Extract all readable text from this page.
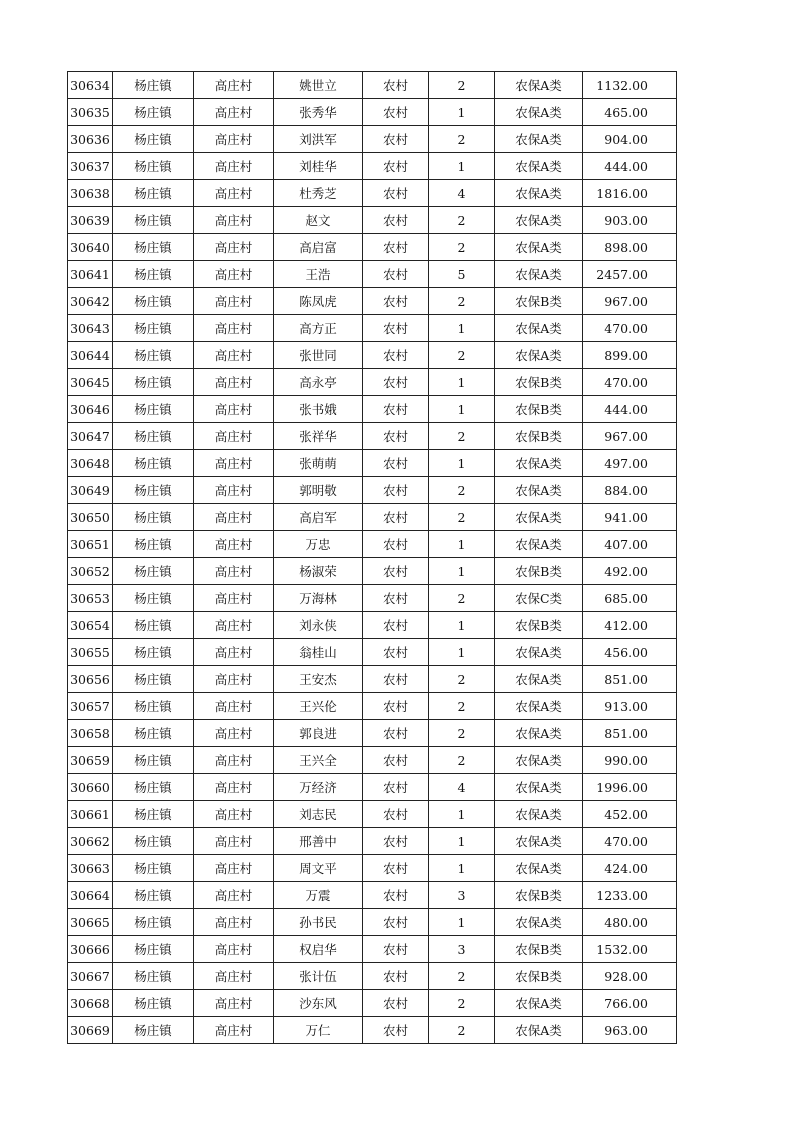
30634	杨庄镇	高庄村	姚世立	农村	2	农保A类	1132.00
30635	杨庄镇	高庄村	张秀华	农村	1	农保A类	465.00
30636	杨庄镇	高庄村	刘洪军	农村	2	农保A类	904.00
30637	杨庄镇	高庄村	刘桂华	农村	1	农保A类	444.00
30638	杨庄镇	高庄村	杜秀芝	农村	4	农保A类	1816.00
30639	杨庄镇	高庄村	赵文	农村	2	农保A类	903.00
30640	杨庄镇	高庄村	高启富	农村	2	农保A类	898.00
30641	杨庄镇	高庄村	王浩	农村	5	农保A类	2457.00
30642	杨庄镇	高庄村	陈凤虎	农村	2	农保B类	967.00
30643	杨庄镇	高庄村	高方正	农村	1	农保A类	470.00
30644	杨庄镇	高庄村	张世同	农村	2	农保A类	899.00
30645	杨庄镇	高庄村	高永亭	农村	1	农保B类	470.00
30646	杨庄镇	高庄村	张书娥	农村	1	农保B类	444.00
30647	杨庄镇	高庄村	张祥华	农村	2	农保B类	967.00
30648	杨庄镇	高庄村	张萌萌	农村	1	农保A类	497.00
30649	杨庄镇	高庄村	郭明敬	农村	2	农保A类	884.00
30650	杨庄镇	高庄村	高启军	农村	2	农保A类	941.00
30651	杨庄镇	高庄村	万忠	农村	1	农保A类	407.00
30652	杨庄镇	高庄村	杨淑荣	农村	1	农保B类	492.00
30653	杨庄镇	高庄村	万海林	农村	2	农保C类	685.00
30654	杨庄镇	高庄村	刘永侠	农村	1	农保B类	412.00
30655	杨庄镇	高庄村	翁桂山	农村	1	农保A类	456.00
30656	杨庄镇	高庄村	王安杰	农村	2	农保A类	851.00
30657	杨庄镇	高庄村	王兴伦	农村	2	农保A类	913.00
30658	杨庄镇	高庄村	郭良进	农村	2	农保A类	851.00
30659	杨庄镇	高庄村	王兴全	农村	2	农保A类	990.00
30660	杨庄镇	高庄村	万经济	农村	4	农保A类	1996.00
30661	杨庄镇	高庄村	刘志民	农村	1	农保A类	452.00
30662	杨庄镇	高庄村	邢善中	农村	1	农保A类	470.00
30663	杨庄镇	高庄村	周文平	农村	1	农保A类	424.00
30664	杨庄镇	高庄村	万震	农村	3	农保B类	1233.00
30665	杨庄镇	高庄村	孙书民	农村	1	农保A类	480.00
30666	杨庄镇	高庄村	权启华	农村	3	农保B类	1532.00
30667	杨庄镇	高庄村	张计伍	农村	2	农保B类	928.00
30668	杨庄镇	高庄村	沙东风	农村	2	农保A类	766.00
30669	杨庄镇	高庄村	万仁	农村	2	农保A类	963.00
